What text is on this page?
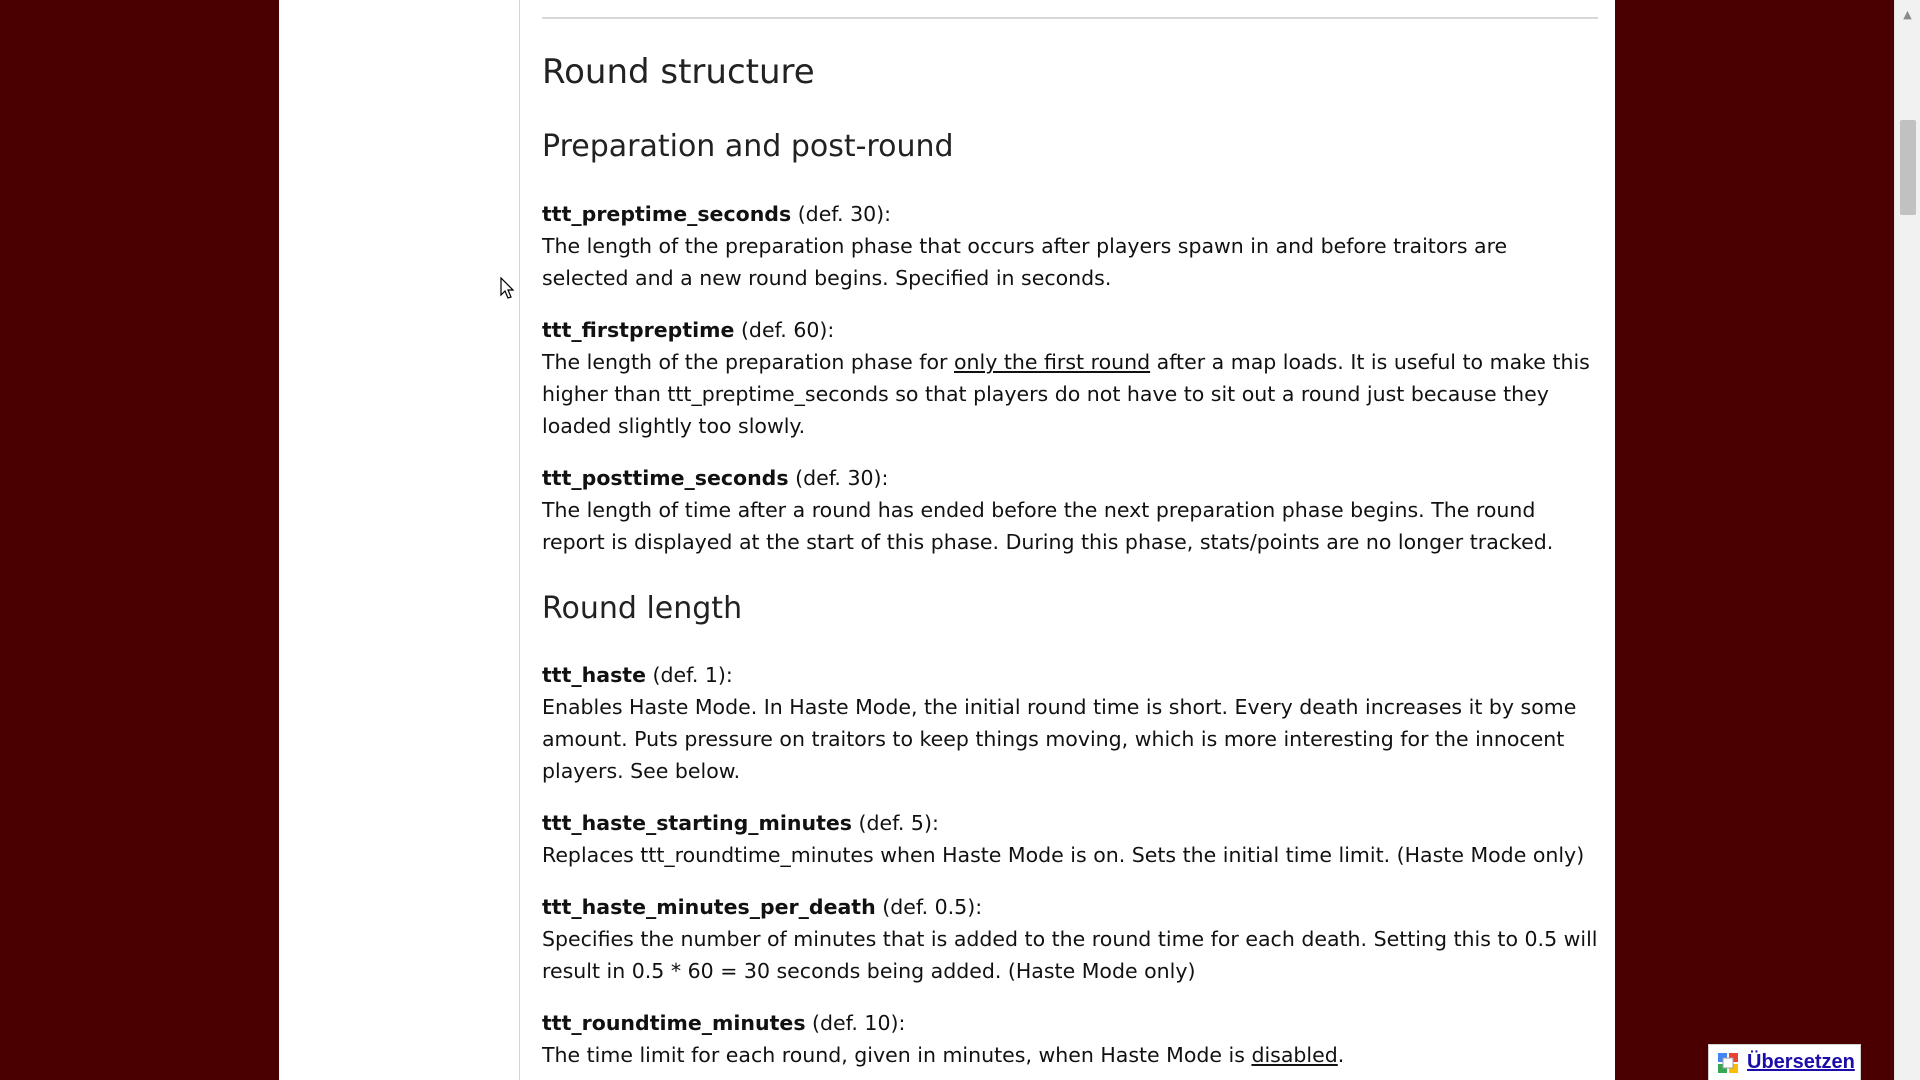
Round structure
Preparation and post-round
ttt_preptime_seconds (def. 30):
The length of the preparation phase that occurs after players spawn in and before traitors are selected and a new round begins. Specified in seconds.
ttt_firstpreptime (def. 60):
The length of the preparation phase for only the first round after a map loads. It is useful to make this higher than ttt_preptime_seconds so that players do not have to sit out a round just because they loaded slightly too slowly.
ttt_posttime_seconds (def. 30):
The length of time after a round has ended before the next preparation phase begins. The round report is displayed at the start of this phase. During this phase, stats/points are no longer tracked.
Round length
ttt_haste (def. 1):
Enables Haste Mode. In Haste Mode, the initial round time is short. Every death increases it by some amount. Puts pressure on traitors to keep things moving, which is more interesting for the innocent players. See below.
ttt_haste_starting_minutes (def. 5):
Replaces ttt_roundtime_minutes when Haste Mode is on. Sets the initial time limit. (Haste Mode only)
ttt_haste_minutes_per_death (def. 0.5):
Specifies the number of minutes that is added to the round time for each death. Setting this to 0.5 will result in 0.5 * 60 = 30 seconds being added. (Haste Mode only)
ttt_roundtime_minutes (def. 10):
The time limit for each round, given in minutes, when Haste Mode is disabled.
▲
Übersetzen
